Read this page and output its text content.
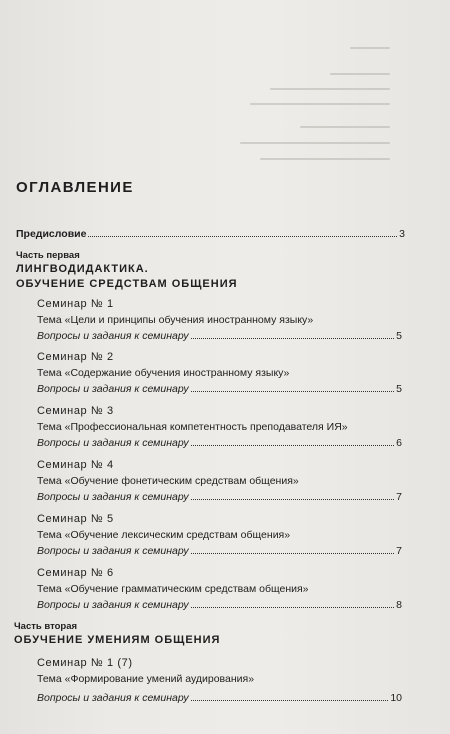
ОГЛАВЛЕНИЕ
Предисловие	3
Часть первая
ЛИНГВОДИДАКТИКА.
ОБУЧЕНИЕ СРЕДСТВАМ ОБЩЕНИЯ
Семинар № 1
Тема «Цели и принципы обучения иностранному языку»
Вопросы и задания к семинару	5
Семинар № 2
Тема «Содержание обучения иностранному языку»
Вопросы и задания к семинару	5
Семинар № 3
Тема «Профессиональная компетентность преподавателя ИЯ»
Вопросы и задания к семинару	6
Семинар № 4
Тема «Обучение фонетическим средствам общения»
Вопросы и задания к семинару	7
Семинар № 5
Тема «Обучение лексическим средствам общения»
Вопросы и задания к семинару	7
Семинар № 6
Тема «Обучение грамматическим средствам общения»
Вопросы и задания к семинару	8
Часть вторая
ОБУЧЕНИЕ УМЕНИЯМ ОБЩЕНИЯ
Семинар № 1 (7)
Тема «Формирование умений аудирования»
Вопросы и задания к семинару	10
